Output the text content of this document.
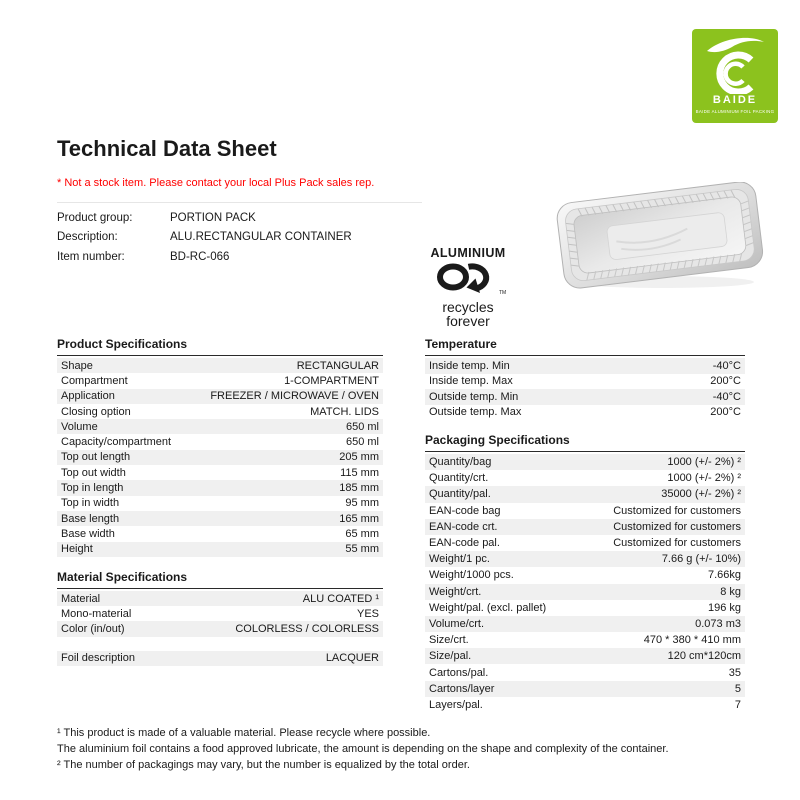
BAIDE
BAIDE ALUMINIUM FOIL PACKING
Technical Data Sheet
* Not a stock item. Please contact your local Plus Pack sales rep.
Product group:	PORTION PACK
Description:	ALU.RECTANGULAR CONTAINER
Item number:	BD-RC-066	ALUMINIUM
TM
recycles
forever
Product Specifications
Shape	RECTANGULAR
Compartment	1-COMPARTMENT
Application	FREEZER / MICROWAVE / OVEN
Closing option	MATCH. LIDS
Volume	650 ml
Capacity/compartment	650 ml
Top out length	205 mm
Top out width	115 mm
Top in length	185 mm
Top in width	95 mm
Base length	165 mm
Base width	65 mm
Height	55 mm
Material Specifications
Material	ALU COATED ¹
Mono-material	YES
Color (in/out)	COLORLESS / COLORLESS
Foil description	LACQUER
Temperature
Inside temp. Min	-40°C
Inside temp. Max	200°C
Outside temp. Min	-40°C
Outside temp. Max	200°C
Packaging Specifications
Quantity/bag	1000 (+/- 2%) ²
Quantity/crt.	1000 (+/- 2%) ²
Quantity/pal.	35000 (+/- 2%) ²
EAN-code bag	Customized for customers
EAN-code crt.	Customized for customers
EAN-code pal.	Customized for customers
Weight/1 pc.	7.66 g (+/- 10%)
Weight/1000 pcs.	7.66kg
Weight/crt.	8 kg
Weight/pal. (excl. pallet)	196 kg
Volume/crt.	0.073 m3
Size/crt.	470 * 380 * 410 mm
Size/pal.	120 cm*120cm
Cartons/pal.	35
Cartons/layer	5
Layers/pal.	7
¹ This product is made of a valuable material. Please recycle where possible.
The aluminium foil contains a food approved lubricate, the amount is depending on the shape and complexity of the container.
² The number of packagings may vary, but the number is equalized by the total order.
